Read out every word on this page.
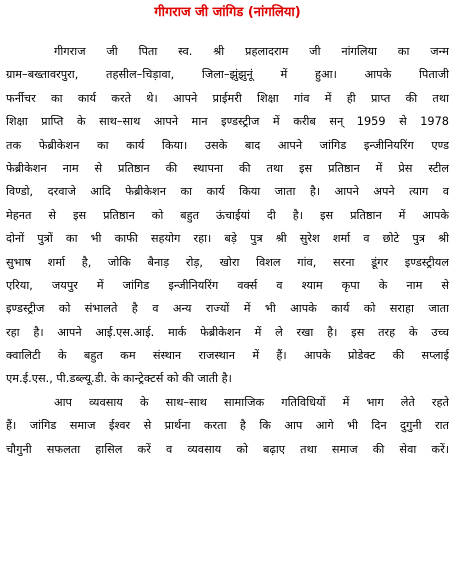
गीगराज जी जांगिड (नांगलिया)
गीगराज जी पिता स्व. श्री प्रहलादराम जी नांगलिया का जन्म
ग्राम–बख्तावरपुरा, तहसील–चिड़ावा, जिला–झुंझुनूं में हुआ। आपके पिताजी
फर्नीचर का कार्य करते थे। आपने प्राईमरी शिक्षा गांव में ही प्राप्त की तथा
शिक्षा प्राप्ति के साथ–साथ आपने मान इण्डस्ट्रीज में करीब सन् 1959 से 1978
तक फेब्रीकेशन का कार्य किया। उसके बाद आपने जांगिड इन्जीनियरिंग एण्ड
फेब्रीकेशन नाम से प्रतिष्ठान की स्थापना की तथा इस प्रतिष्ठान में प्रेस स्टील
विण्डो, दरवाजे आदि फेब्रीकेशन का कार्य किया जाता है। आपने अपने त्याग व
मेहनत से इस प्रतिष्ठान को बहुत ऊंचाईयां दी है। इस प्रतिष्ठान में आपके
दोनों पुत्रों का भी काफी सहयोग रहा। बड़े पुत्र श्री सुरेश शर्मा व छोटे पुत्र श्री
सुभाष शर्मा है, जोकि बैनाड़ रोड़, खोरा विशल गांव, सरना डूंगर इण्डस्ट्रीयल
एरिया, जयपुर में जांगिड इन्जीनियरिंग वर्क्स व श्याम कृपा के नाम से
इण्डस्ट्रीज को संभालते है व अन्य राज्यों में भी आपके कार्य को सराहा जाता
रहा है। आपने आई.एस.आई. मार्क फेब्रीकेशन में ले रखा है। इस तरह के उच्च
क्वालिटी के बहुत कम संस्थान राजस्थान में हैं। आपके प्रोडेक्ट की सप्लाई
एम.ई.एस., पी.डब्ल्यू.डी. के कान्ट्रेक्टर्स को की जाती है।
आप व्यवसाय के साथ–साथ सामाजिक गतिविधियों में भाग लेते रहते
हैं। जांगिड समाज ईश्वर से प्रार्थना करता है कि आप आगे भी दिन दुगुनी रात
चौगुनी सफलता हासिल करें व व्यवसाय को बढ़ाए तथा समाज की सेवा करें।
